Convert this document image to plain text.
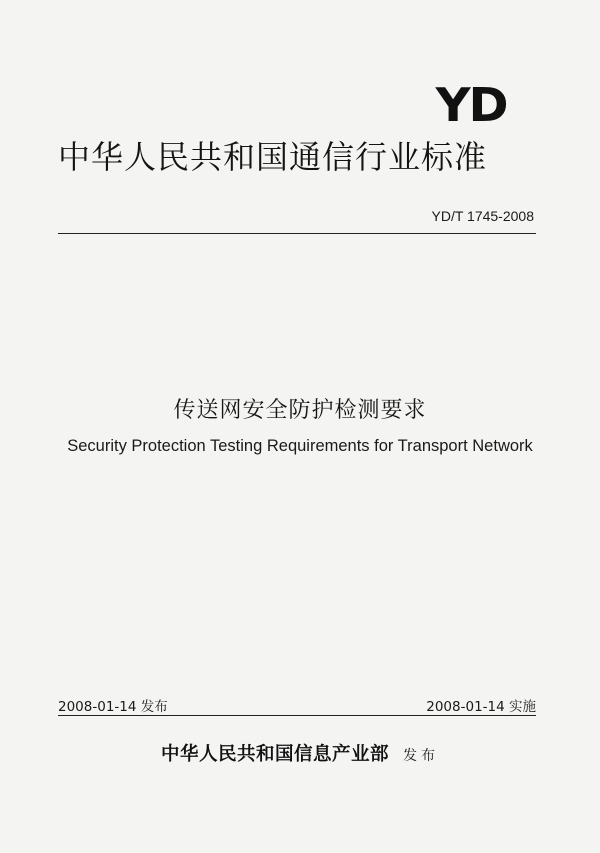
YD
中华人民共和国通信行业标准
YD/T 1745-2008
传送网安全防护检测要求
Security Protection Testing Requirements for Transport Network
2008-01-14 发布	2008-01-14 实施
中华人民共和国信息产业部 发布
